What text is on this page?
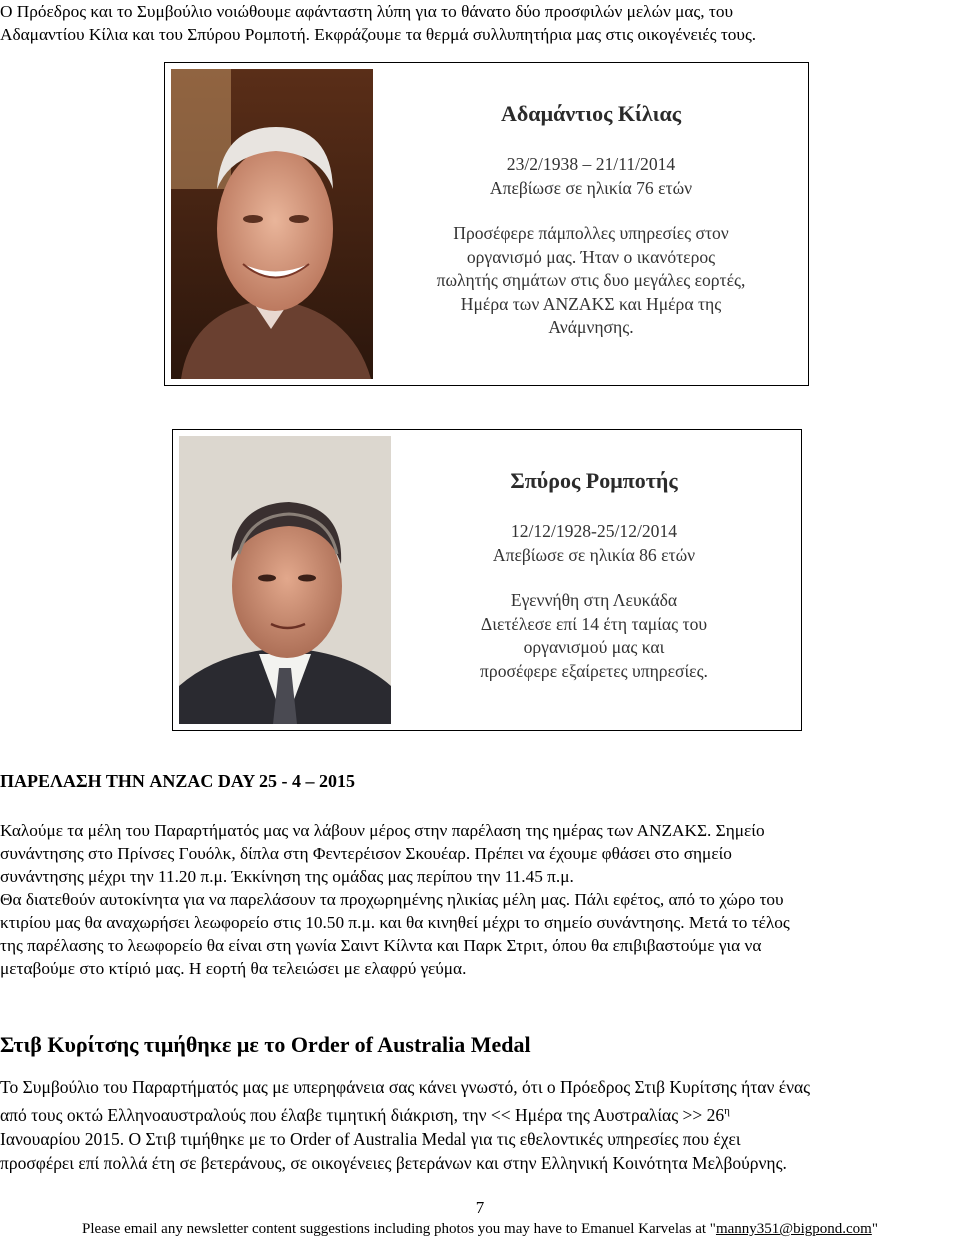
Ο Πρόεδρος και το Συμβούλιο νοιώθουμε αφάνταστη λύπη για το θάνατο δύο προσφιλών μελών μας, του
Αδαμαντίου Κίλια και του Σπύρου Ρομποτή. Εκφράζουμε τα θερμά συλλυπητήρια μας στις οικογένειές τους.
Αδαμάντιος Κίλιας
23/2/1938 – 21/11/2014
Απεβίωσε σε ηλικία 76 ετών
Προσέφερε πάμπολλες υπηρεσίες στον
οργανισμό μας. Ήταν ο ικανότερος
πωλητής σημάτων στις δυο μεγάλες εορτές,
Ημέρα των ΑΝΖΑΚΣ και Ημέρα της
Ανάμνησης.
Σπύρος Ρομποτής
12/12/1928-25/12/2014
Απεβίωσε σε ηλικία 86 ετών
Εγεννήθη στη Λευκάδα
Διετέλεσε επί 14 έτη ταμίας του
οργανισμού μας και
προσέφερε εξαίρετες υπηρεσίες.
ΠΑΡΕΛΑΣΗ ΤΗΝ ANZAC DAY 25 - 4 – 2015
Καλούμε τα μέλη του Παραρτήματός μας να λάβουν μέρος στην παρέλαση της ημέρας των ΑΝΖΑΚΣ. Σημείο
συνάντησης στο Πρίνσες Γουόλκ, δίπλα στη Φεντερέισον Σκουέαρ. Πρέπει να έχουμε φθάσει στο σημείο
συνάντησης μέχρι την 11.20 π.μ. Έκκίνηση της ομάδας μας περίπου την 11.45 π.μ.
Θα διατεθούν αυτοκίνητα για να παρελάσουν τα προχωρημένης ηλικίας μέλη μας. Πάλι εφέτος, από το χώρο του
κτιρίου μας θα αναχωρήσει λεωφορείο στις 10.50 π.μ. και θα κινηθεί μέχρι το σημείο συνάντησης. Μετά το τέλος
της παρέλασης το λεωφορείο θα είναι στη γωνία Σαιντ Κίλντα και Παρκ Στριτ, όπου θα επιβιβαστούμε για να
μεταβούμε στο κτίριό μας. Η εορτή θα τελειώσει με ελαφρύ γεύμα.
Στιβ Κυρίτσης τιμήθηκε με το Order of Australia Medal
Το Συμβούλιο του Παραρτήματός μας με υπερηφάνεια σας κάνει γνωστό, ότι ο Πρόεδρος Στιβ Κυρίτσης ήταν ένας
από τους οκτώ Ελληνοαυστραλούς που έλαβε τιμητική διάκριση, την << Ημέρα της $A\upsilon\sigma\tau\rho\alpha\lambda ί\alpha\varsigma >> 26^\eta$
Ιανουαρίου 2015. Ο Στιβ τιμήθηκε με το Order of Australia Medal για τις εθελοντικές υπηρεσίες που έχει
προσφέρει επί πολλά έτη σε βετεράνους, σε οικογένειες βετεράνων και στην Ελληνική Κοινότητα Μελβούρνης.
7
Please email any newsletter content suggestions including photos you may have to Emanuel Karvelas at "manny351@bigpond.com"
